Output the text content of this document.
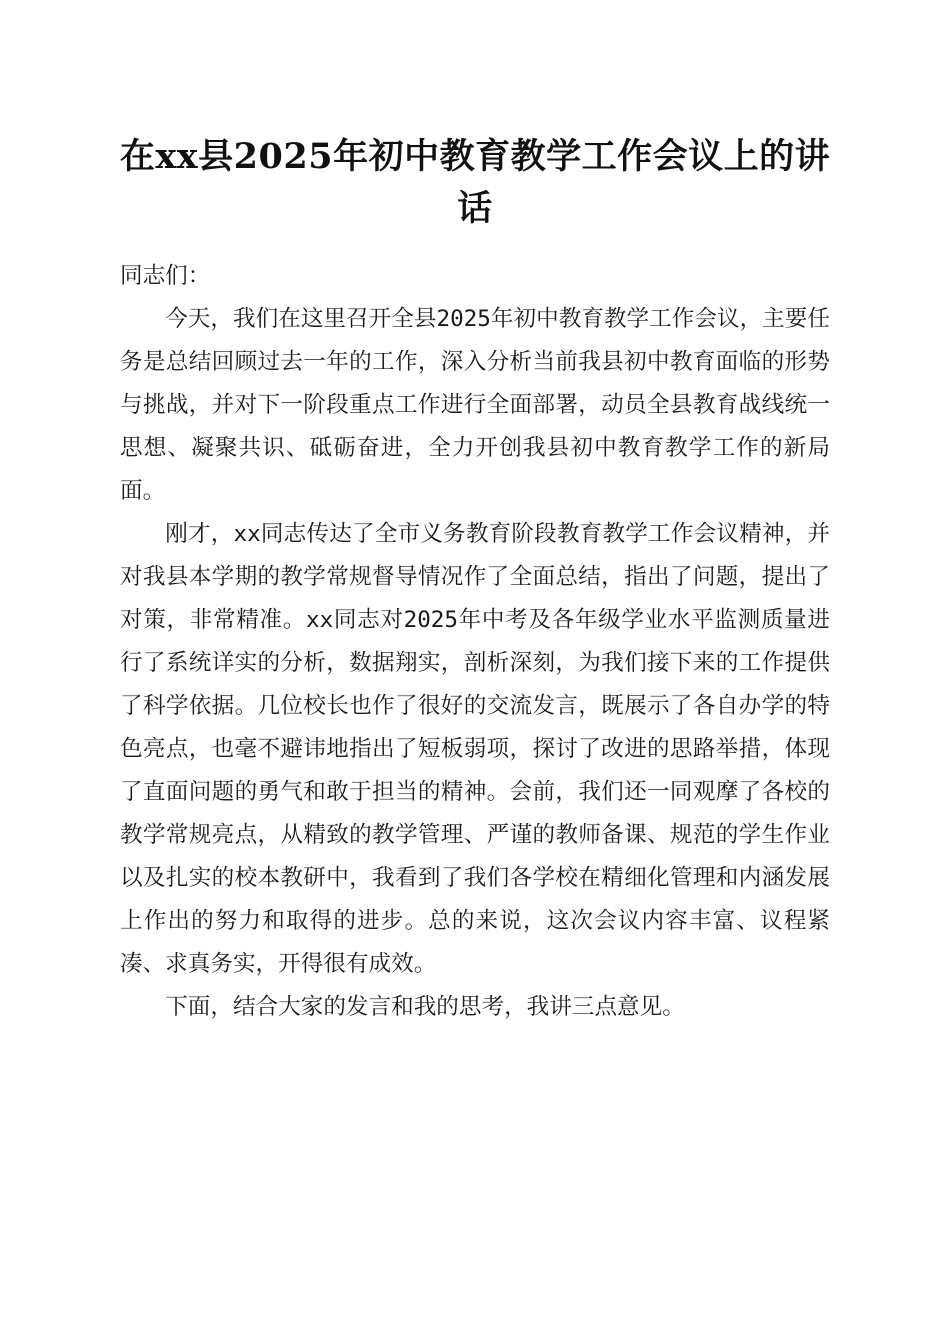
在xx县2025年初中教育教学工作会议上的讲话

同志们：

今天，我们在这里召开全县2025年初中教育教学工作会议，主要任务是总结回顾过去一年的工作，深入分析当前我县初中教育面临的形势与挑战，并对下一阶段重点工作进行全面部署，动员全县教育战线统一思想、凝聚共识、砥砺奋进，全力开创我县初中教育教学工作的新局面。

刚才，xx同志传达了全市义务教育阶段教育教学工作会议精神，并对我县本学期的教学常规督导情况作了全面总结，指出了问题，提出了对策，非常精准。xx同志对2025年中考及各年级学业水平监测质量进行了系统详实的分析，数据翔实，剖析深刻，为我们接下来的工作提供了科学依据。几位校长也作了很好的交流发言，既展示了各自办学的特色亮点，也毫不避讳地指出了短板弱项，探讨了改进的思路举措，体现了直面问题的勇气和敢于担当的精神。会前，我们还一同观摩了各校的教学常规亮点，从精致的教学管理、严谨的教师备课、规范的学生作业以及扎实的校本教研中，我看到了我们各学校在精细化管理和内涵发展上作出的努力和取得的进步。总的来说，这次会议内容丰富、议程紧凑、求真务实，开得很有成效。

下面，结合大家的发言和我的思考，我讲三点意见。
